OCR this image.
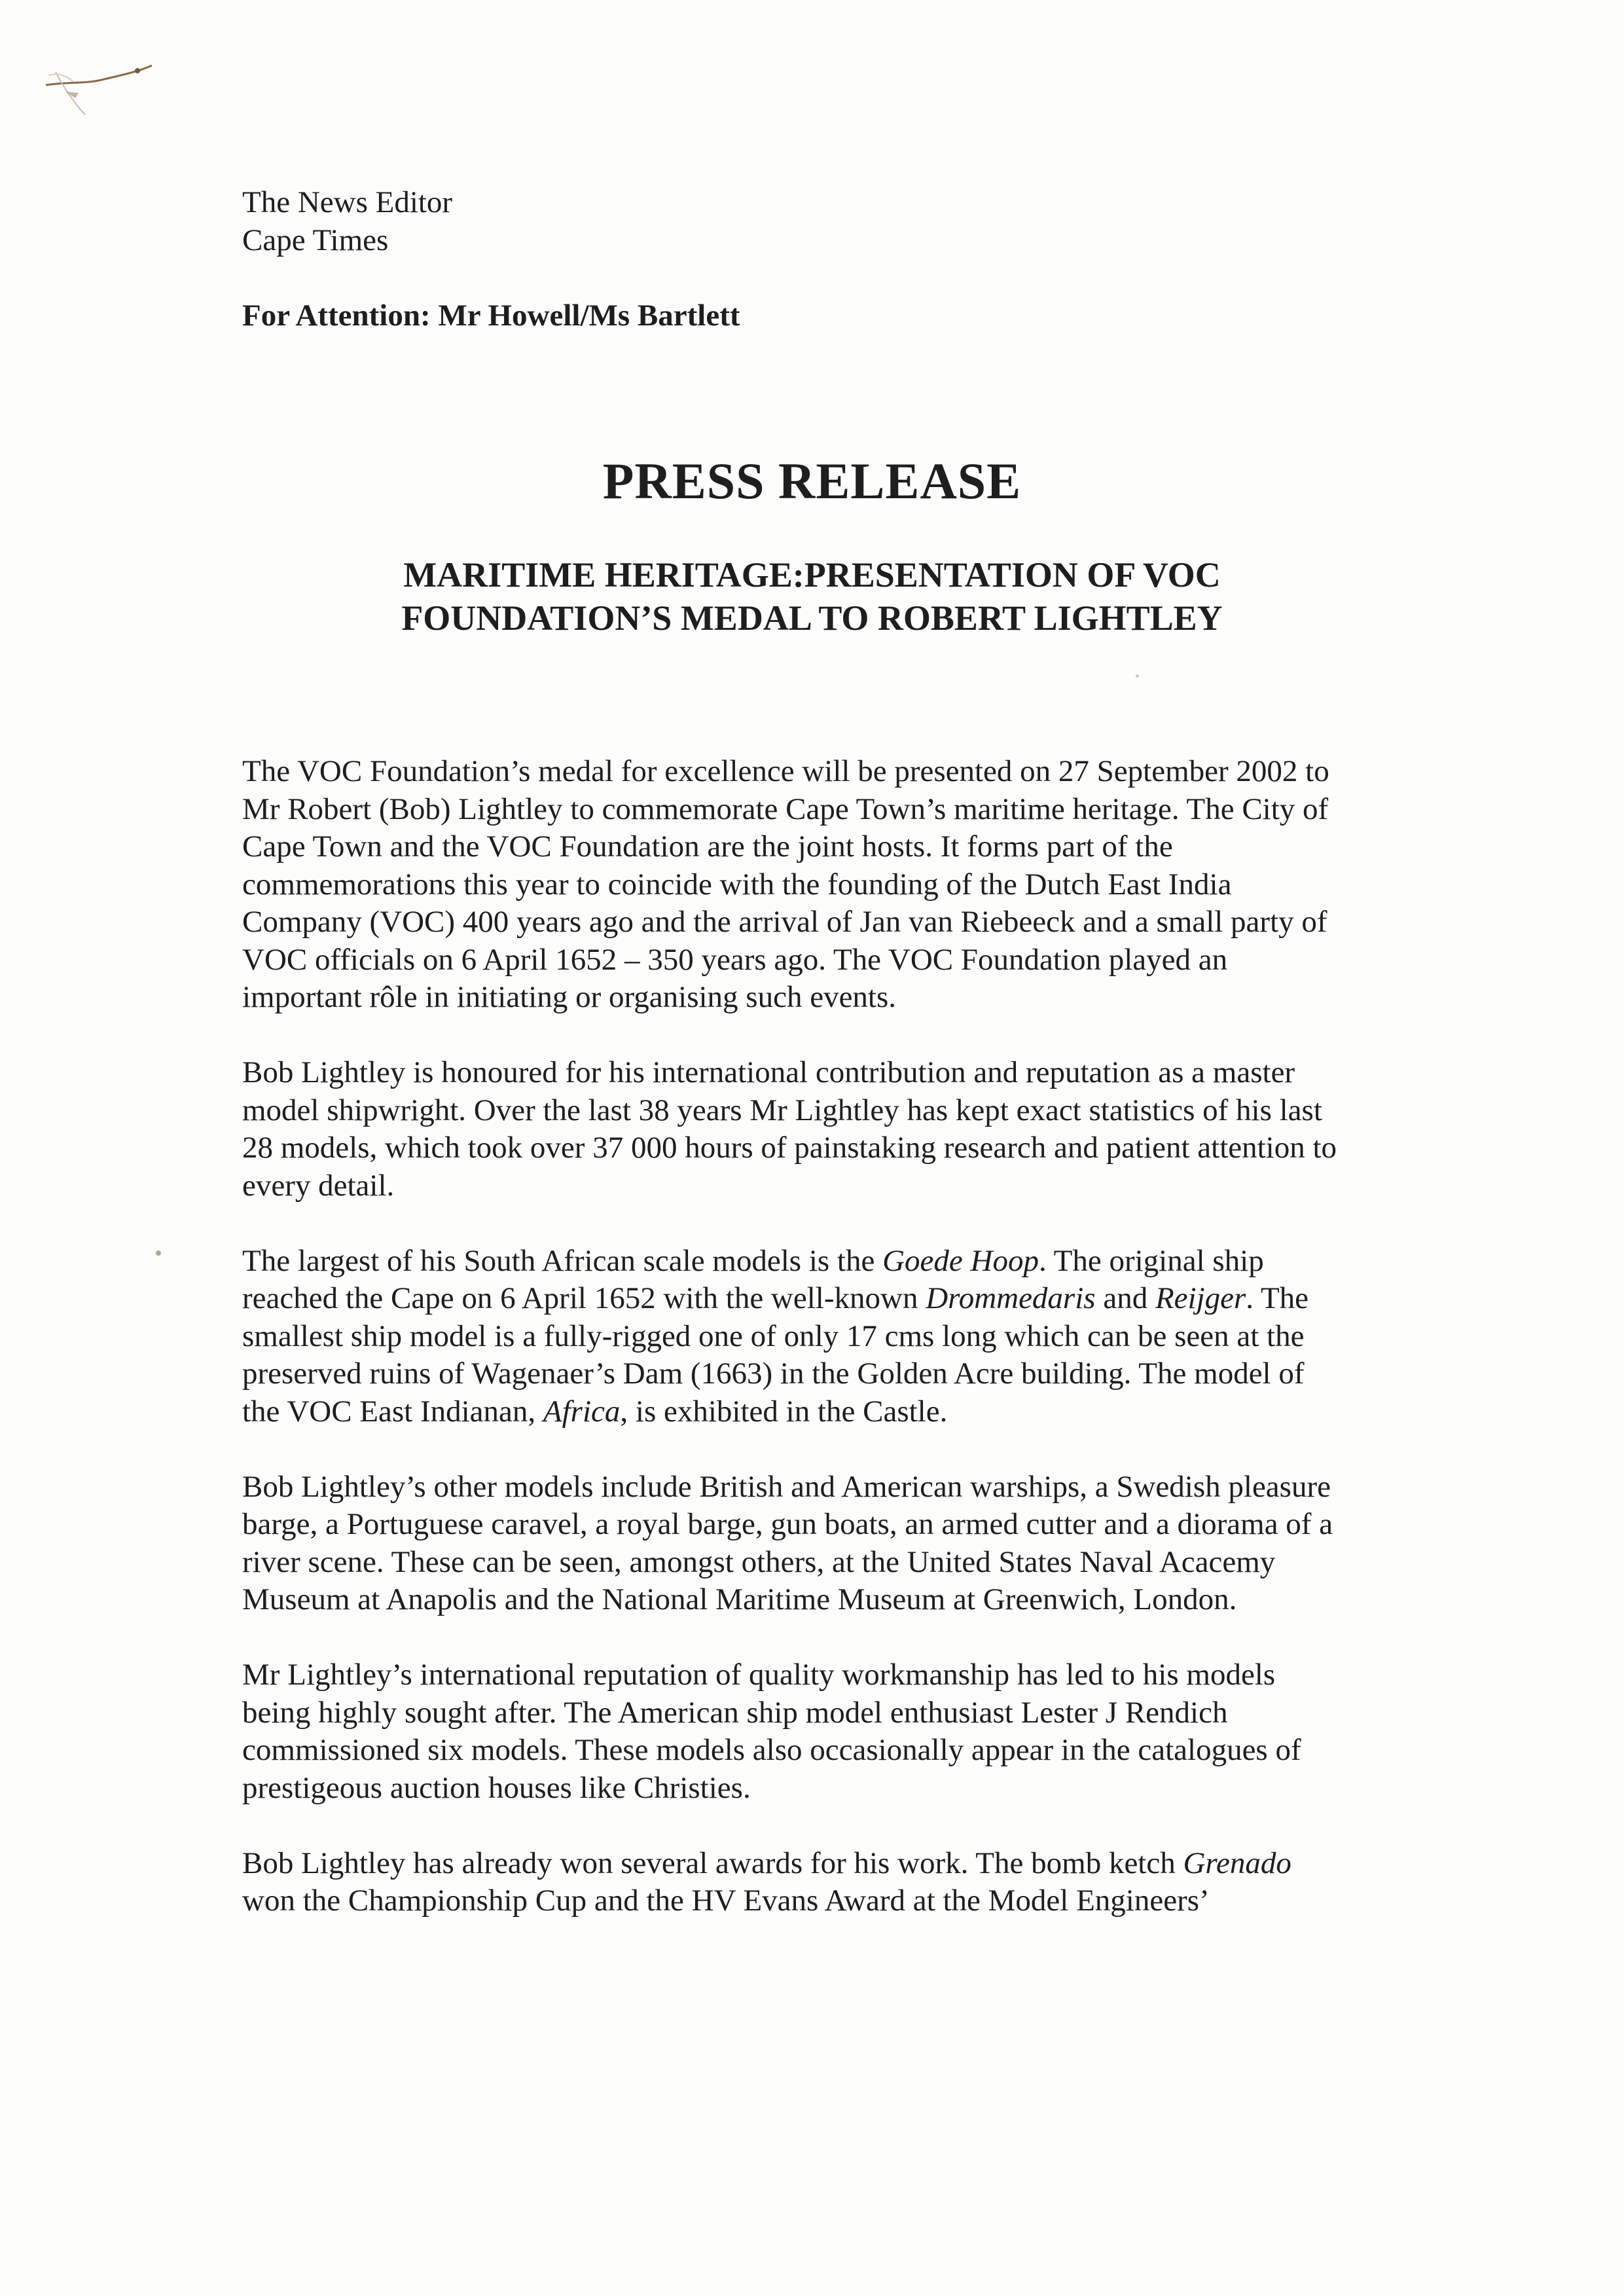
The News Editor
Cape Times
For Attention: Mr Howell/Ms Bartlett
PRESS RELEASE
MARITIME HERITAGE:PRESENTATION OF VOC
FOUNDATION’S MEDAL TO ROBERT LIGHTLEY
The VOC Foundation’s medal for excellence will be presented on 27 September 2002 to
Mr Robert (Bob) Lightley to commemorate Cape Town’s maritime heritage. The City of
Cape Town and the VOC Foundation are the joint hosts. It forms part of the
commemorations this year to coincide with the founding of the Dutch East India
Company (VOC) 400 years ago and the arrival of Jan van Riebeeck and a small party of
VOC officials on 6 April 1652 – 350 years ago. The VOC Foundation played an
important rôle in initiating or organising such events.
Bob Lightley is honoured for his international contribution and reputation as a master
model shipwright. Over the last 38 years Mr Lightley has kept exact statistics of his last
28 models, which took over 37 000 hours of painstaking research and patient attention to
every detail.
The largest of his South African scale models is the Goede Hoop. The original ship
reached the Cape on 6 April 1652 with the well-known Drommedaris and Reijger. The
smallest ship model is a fully-rigged one of only 17 cms long which can be seen at the
preserved ruins of Wagenaer’s Dam (1663) in the Golden Acre building. The model of
the VOC East Indianan, Africa, is exhibited in the Castle.
Bob Lightley’s other models include British and American warships, a Swedish pleasure
barge, a Portuguese caravel, a royal barge, gun boats, an armed cutter and a diorama of a
river scene. These can be seen, amongst others, at the United States Naval Acacemy
Museum at Anapolis and the National Maritime Museum at Greenwich, London.
Mr Lightley’s international reputation of quality workmanship has led to his models
being highly sought after. The American ship model enthusiast Lester J Rendich
commissioned six models. These models also occasionally appear in the catalogues of
prestigeous auction houses like Christies.
Bob Lightley has already won several awards for his work. The bomb ketch Grenado
won the Championship Cup and the HV Evans Award at the Model Engineers’
